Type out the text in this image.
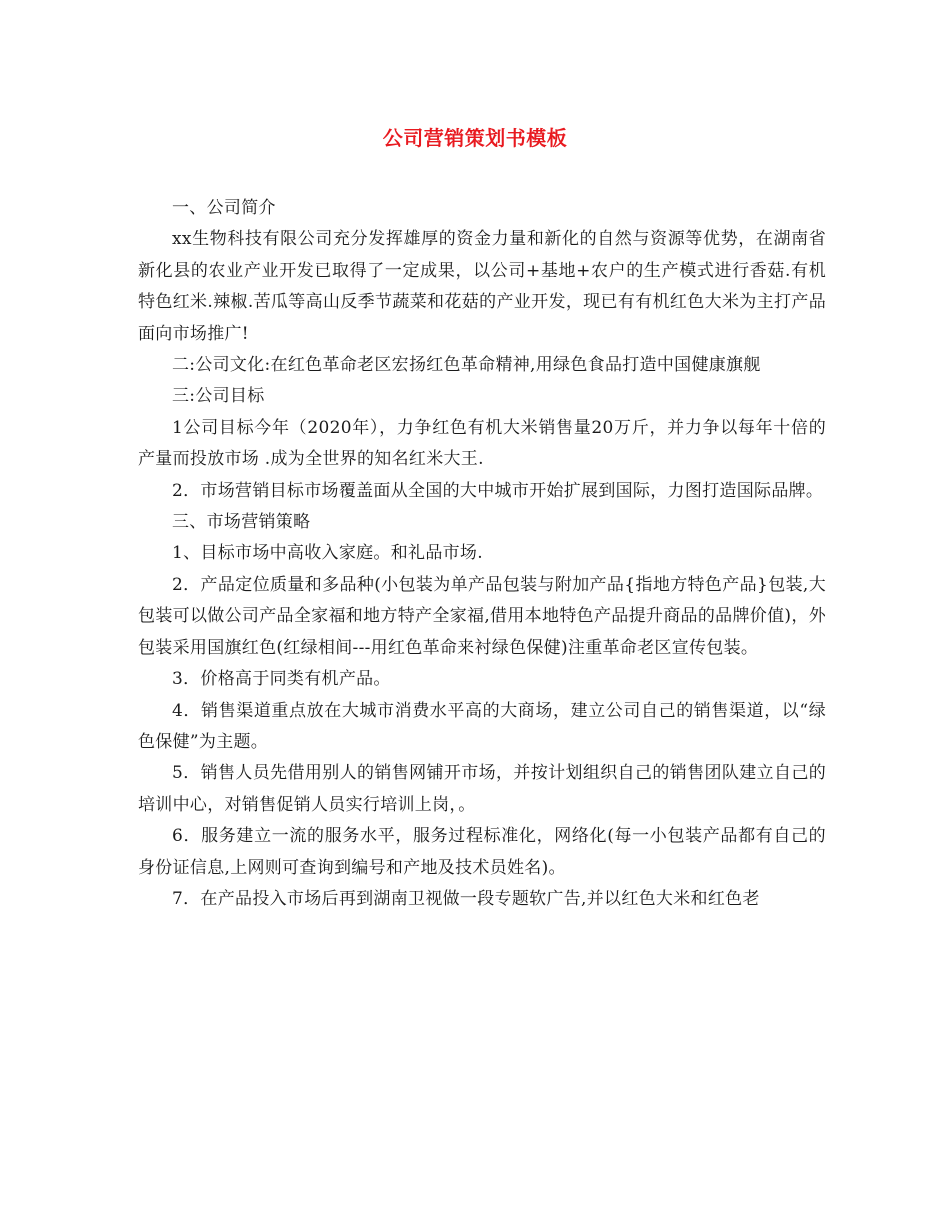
公司营销策划书模板

一、公司简介

xx生物科技有限公司充分发挥雄厚的资金力量和新化的自然与资源等优势，在湖南省新化县的农业产业开发已取得了一定成果，以公司+基地+农户的生产模式进行香菇.有机特色红米.辣椒.苦瓜等高山反季节蔬菜和花菇的产业开发，现已有有机红色大米为主打产品面向市场推广!

二:公司文化:在红色革命老区宏扬红色革命精神,用绿色食品打造中国健康旗舰

三:公司目标

1公司目标今年（2020年），力争红色有机大米销售量20万斤，并力争以每年十倍的产量而投放市场 .成为全世界的知名红米大王.

2．市场营销目标市场覆盖面从全国的大中城市开始扩展到国际，力图打造国际品牌。

三、市场营销策略

1、目标市场中高收入家庭。和礼品市场.

2．产品定位质量和多品种(小包装为单产品包装与附加产品{指地方特色产品}包装,大包装可以做公司产品全家福和地方特产全家福,借用本地特色产品提升商品的品牌价值)，外包装采用国旗红色(红绿相间---用红色革命来衬绿色保健)注重革命老区宣传包装。

3．价格高于同类有机产品。

4．销售渠道重点放在大城市消费水平高的大商场，建立公司自己的销售渠道，以“绿色保健”为主题。

5．销售人员先借用别人的销售网铺开市场，并按计划组织自己的销售团队建立自己的培训中心，对销售促销人员实行培训上岗，。

6．服务建立一流的服务水平，服务过程标准化，网络化(每一小包装产品都有自己的身份证信息,上网则可查询到编号和产地及技术员姓名)。

7．在产品投入市场后再到湖南卫视做一段专题软广告,并以红色大米和红色老
